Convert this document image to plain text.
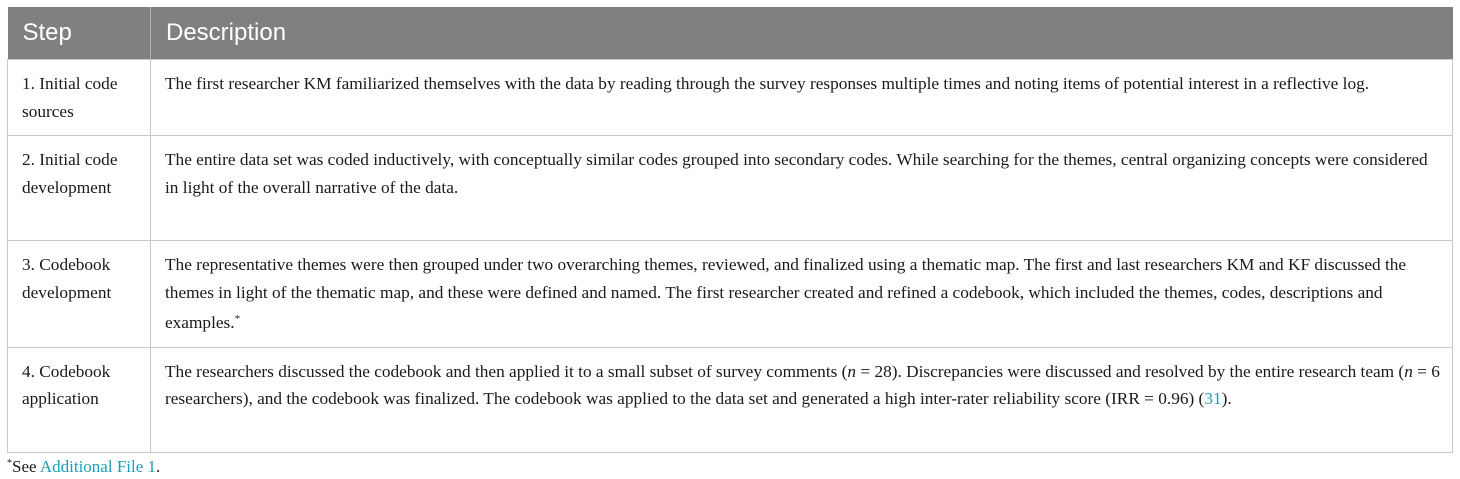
Step	Description
1. Initial code sources	The first researcher KM familiarized themselves with the data by reading through the survey responses multiple times and noting items of potential interest in a reflective log.
2. Initial code development	The entire data set was coded inductively, with conceptually similar codes grouped into secondary codes. While searching for the themes, central organizing concepts were considered in light of the overall narrative of the data.
3. Codebook development	The representative themes were then grouped under two overarching themes, reviewed, and finalized using a thematic map. The first and last researchers KM and KF discussed the themes in light of the thematic map, and these were defined and named. The first researcher created and refined a codebook, which included the themes, codes, descriptions and examples.*
4. Codebook application	The researchers discussed the codebook and then applied it to a small subset of survey comments (n = 28). Discrepancies were discussed and resolved by the entire research team (n = 6 researchers), and the codebook was finalized. The codebook was applied to the data set and generated a high inter-rater reliability score (IRR = 0.96) (31).
*See Additional File 1.
